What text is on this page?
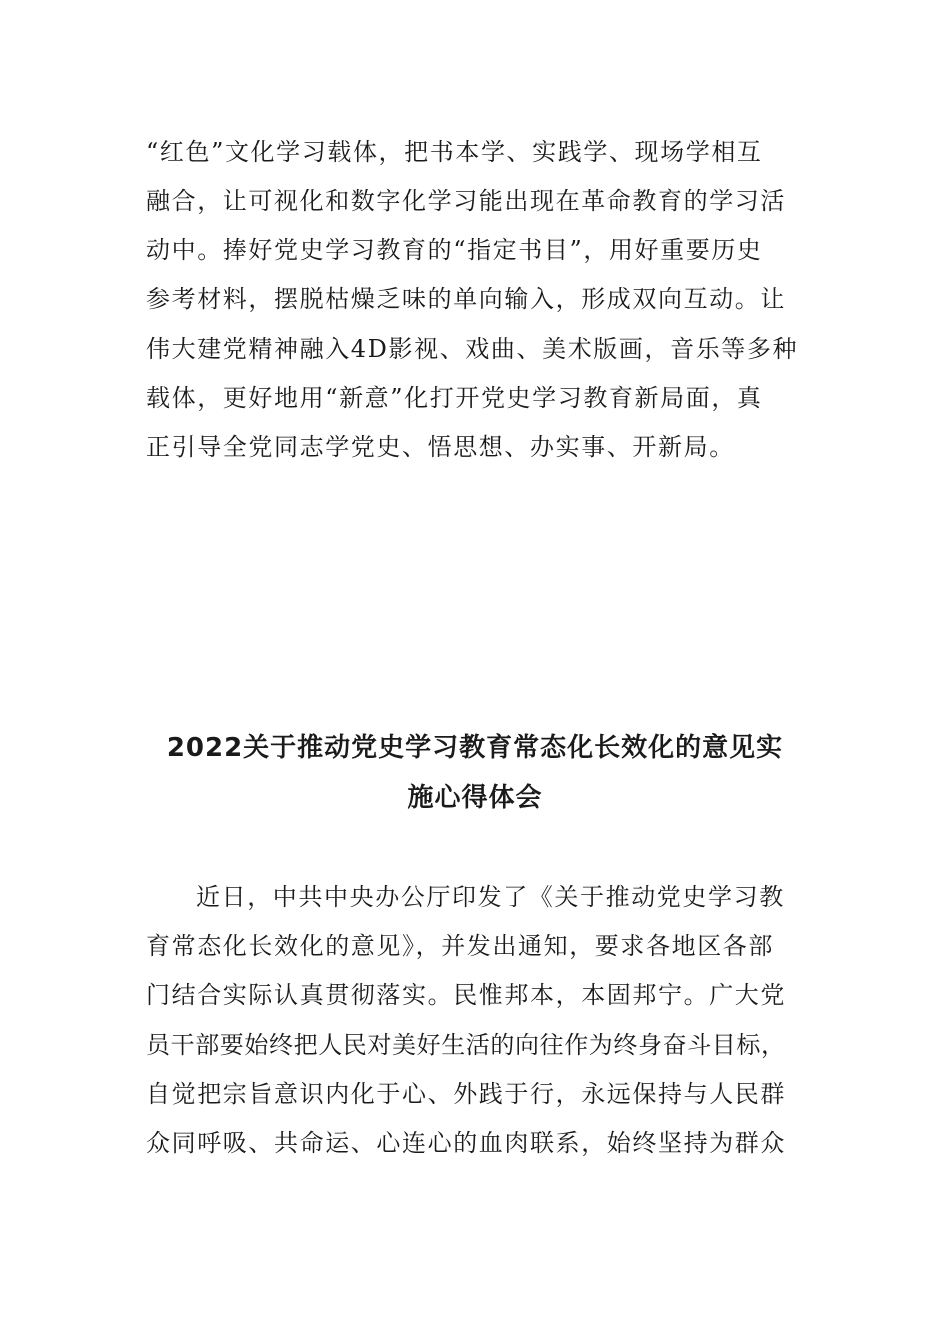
“红色”文化学习载体，把书本学、实践学、现场学相互
融合，让可视化和数字化学习能出现在革命教育的学习活
动中。捧好党史学习教育的“指定书目”，用好重要历史
参考材料，摆脱枯燥乏味的单向输入，形成双向互动。让
伟大建党精神融入4D影视、戏曲、美术版画，音乐等多种
载体，更好地用“新意”化打开党史学习教育新局面，真
正引导全党同志学党史、悟思想、办实事、开新局。
2022关于推动党史学习教育常态化长效化的意见实
施心得体会
近日，中共中央办公厅印发了《关于推动党史学习教
育常态化长效化的意见》，并发出通知，要求各地区各部
门结合实际认真贯彻落实。民惟邦本，本固邦宁。广大党
员干部要始终把人民对美好生活的向往作为终身奋斗目标，
自觉把宗旨意识内化于心、外践于行，永远保持与人民群
众同呼吸、共命运、心连心的血肉联系，始终坚持为群众
